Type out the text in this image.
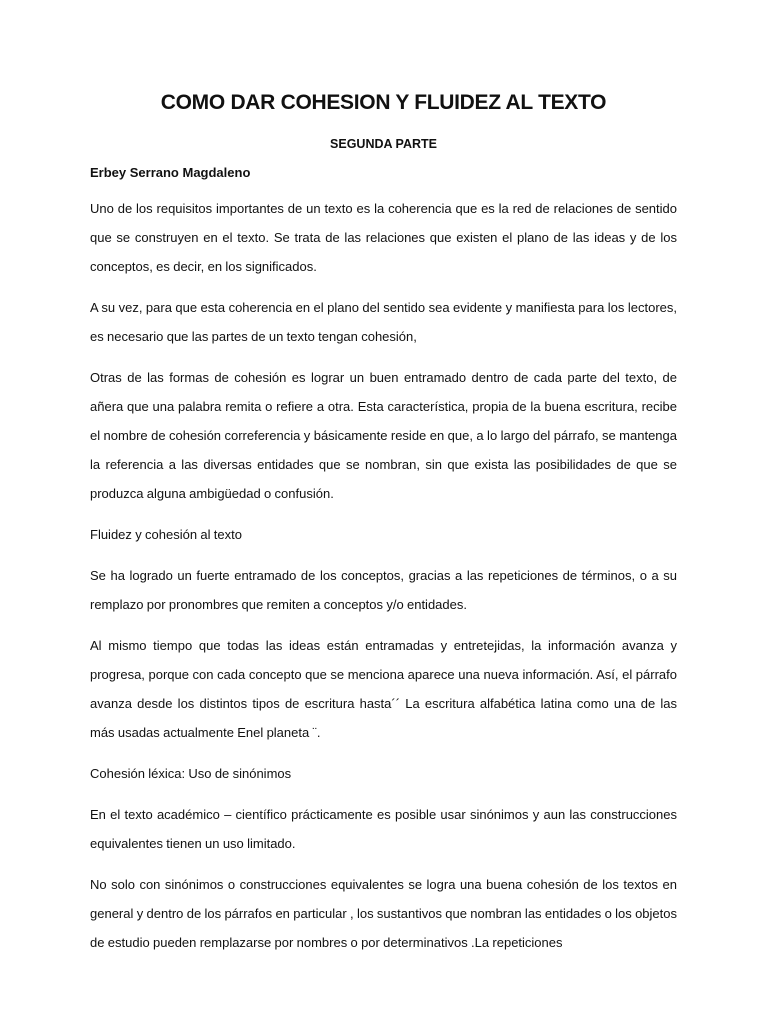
COMO DAR COHESION Y FLUIDEZ AL TEXTO
SEGUNDA PARTE

Erbey Serrano Magdaleno

Uno de los requisitos importantes de un texto es la coherencia que es la red de relaciones de sentido que se construyen en el texto. Se trata de las relaciones que existen el plano de las ideas y de los conceptos, es decir, en los significados.

A su vez, para que esta coherencia en el plano del sentido sea evidente y manifiesta para los lectores, es necesario que las partes de un texto tengan cohesión,

Otras de las formas de cohesión es lograr un buen entramado dentro de cada parte del texto, de añera que una palabra remita o refiere a otra. Esta característica, propia de la buena escritura, recibe el nombre de cohesión correferencia y básicamente reside en que, a lo largo del párrafo, se mantenga la referencia a las diversas entidades que se nombran, sin que exista las posibilidades de que se produzca alguna ambigüedad o confusión.

Fluidez y cohesión al texto

Se ha logrado un fuerte entramado de los conceptos, gracias a las repeticiones de términos, o a su remplazo por pronombres que remiten a conceptos y/o entidades.

Al mismo tiempo que todas las ideas están entramadas y entretejidas, la información avanza y progresa, porque con cada concepto que se menciona aparece una nueva información. Así, el párrafo avanza desde los distintos tipos de escritura hasta´´ La escritura alfabética latina como una de las más usadas actualmente Enel planeta ¨.

Cohesión léxica: Uso de sinónimos

En el texto académico – científico prácticamente es posible usar sinónimos y aun las construcciones equivalentes tienen un uso limitado.

No solo con sinónimos o construcciones equivalentes se logra una buena cohesión de los textos en general y dentro de los párrafos en particular , los sustantivos que nombran las entidades o los objetos de estudio pueden remplazarse por nombres o por determinativos .La repeticiones
